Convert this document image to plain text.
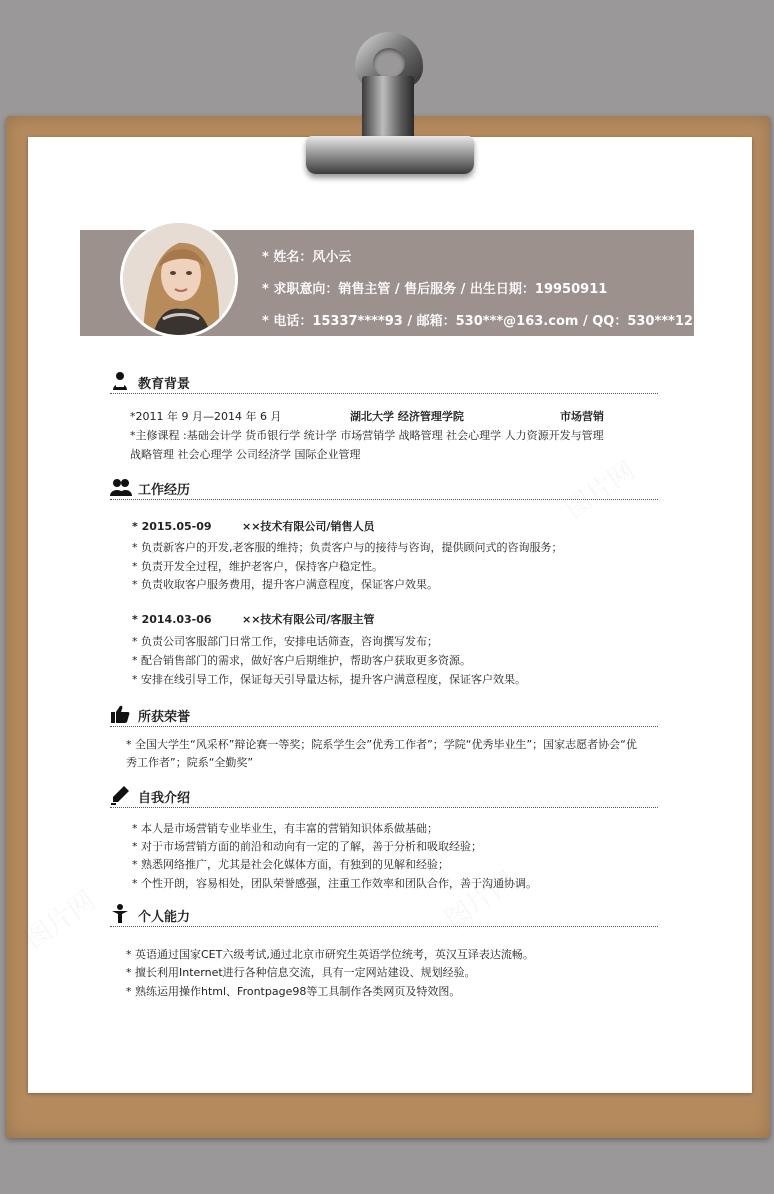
* 姓名：风小云
* 求职意向：销售主管 / 售后服务 / 出生日期：19950911
* 电话：15337****93 / 邮箱：530***@163.com / QQ：530***123
教育背景
*2011 年 9 月—2014 年 6 月	湖北大学 经济管理学院	市场营销
*主修课程 :基础会计学 货币银行学 统计学 市场营销学 战略管理 社会心理学 人力资源开发与管理
战略管理 社会心理学 公司经济学 国际企业管理
工作经历
* 2015.05-09	××技术有限公司/销售人员
* 负责新客户的开发,老客服的维持；负责客户与的接待与咨询，提供顾问式的咨询服务；
* 负责开发全过程，维护老客户，保持客户稳定性。
* 负责收取客户服务费用，提升客户满意程度，保证客户效果。
* 2014.03-06	××技术有限公司/客服主管
* 负责公司客服部门日常工作，安排电话筛查，咨询撰写发布；
* 配合销售部门的需求，做好客户后期维护，帮助客户获取更多资源。
* 安排在线引导工作，保证每天引导量达标，提升客户满意程度，保证客户效果。
所获荣誉
* 全国大学生“风采杯”辩论赛一等奖；院系学生会”优秀工作者”；学院“优秀毕业生”；国家志愿者协会“优
秀工作者”；院系“全勤奖”
自我介绍
* 本人是市场营销专业毕业生，有丰富的营销知识体系做基础；
* 对于市场营销方面的前沿和动向有一定的了解，善于分析和吸取经验；
* 熟悉网络推广，尤其是社会化媒体方面，有独到的见解和经验；
* 个性开朗，容易相处，团队荣誉感强，注重工作效率和团队合作，善于沟通协调。
个人能力
* 英语通过国家CET六级考试,通过北京市研究生英语学位统考，英汉互译表达流畅。
* 擅长利用Internet进行各种信息交流，具有一定网站建设、规划经验。
* 熟练运用操作html、Frontpage98等工具制作各类网页及特效图。
